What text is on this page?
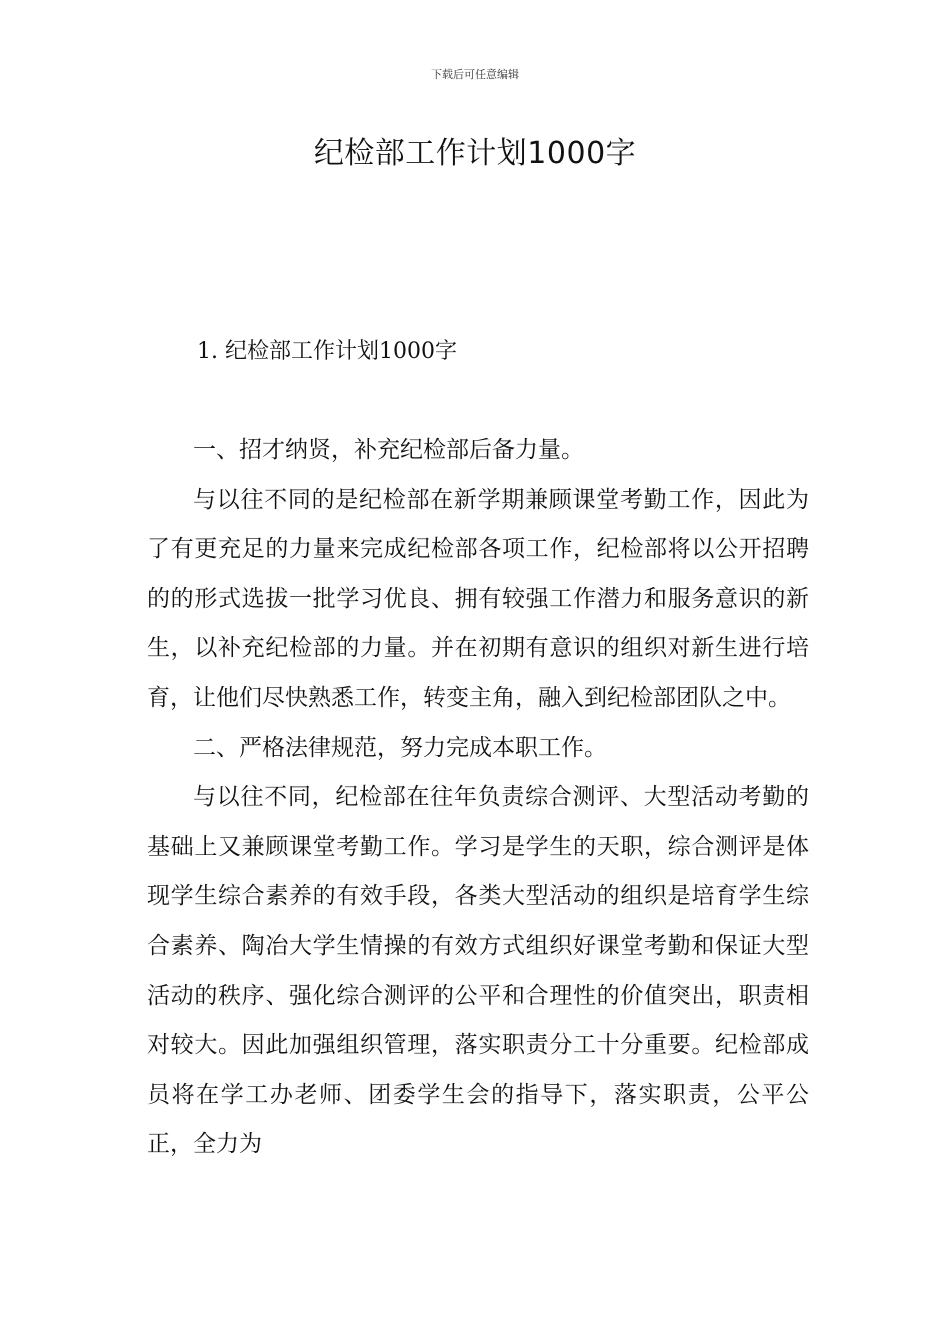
下载后可任意编辑
纪检部工作计划1000字
1. 纪检部工作计划1000字

一、招才纳贤，补充纪检部后备力量。

与以往不同的是纪检部在新学期兼顾课堂考勤工作，因此为了有更充足的力量来完成纪检部各项工作，纪检部将以公开招聘的的形式选拔一批学习优良、拥有较强工作潜力和服务意识的新生，以补充纪检部的力量。并在初期有意识的组织对新生进行培育，让他们尽快熟悉工作，转变主角，融入到纪检部团队之中。

二、严格法律规范，努力完成本职工作。

与以往不同，纪检部在往年负责综合测评、大型活动考勤的基础上又兼顾课堂考勤工作。学习是学生的天职，综合测评是体现学生综合素养的有效手段，各类大型活动的组织是培育学生综合素养、陶冶大学生情操的有效方式组织好课堂考勤和保证大型活动的秩序、强化综合测评的公平和合理性的价值突出，职责相对较大。因此加强组织管理，落实职责分工十分重要。纪检部成员将在学工办老师、团委学生会的指导下，落实职责，公平公正，全力为
